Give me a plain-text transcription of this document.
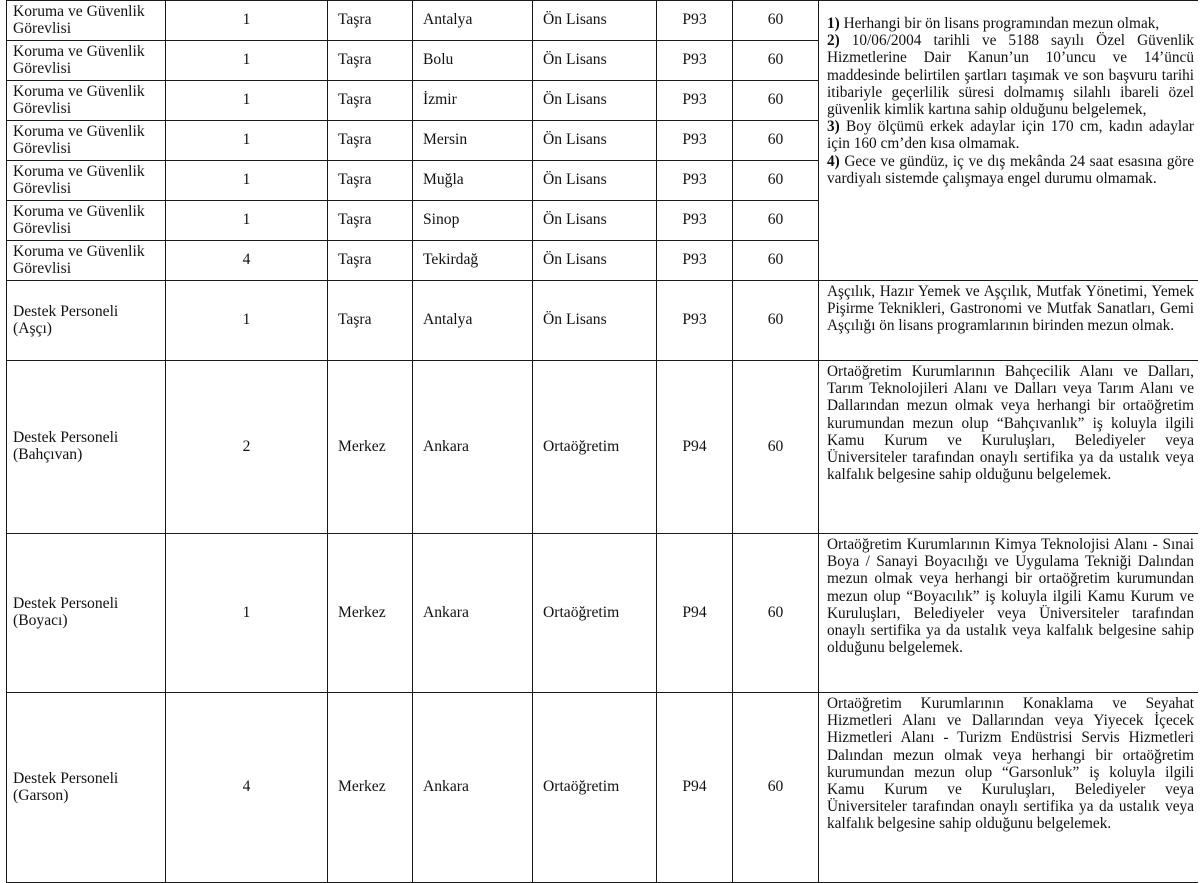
Koruma ve Güvenlik Görevlisi	1	Taşra	Antalya	Ön Lisans	P93	60	1) Herhangi bir ön lisans programından mezun olmak,
2) 10/06/2004 tarihli ve 5188 sayılı Özel Güvenlik Hizmetlerine Dair Kanun’un 10’uncu ve 14’üncü maddesinde belirtilen şartları taşımak ve son başvuru tarihi itibariyle geçerlilik süresi dolmamış silahlı ibareli özel güvenlik kimlik kartına sahip olduğunu belgelemek,
3) Boy ölçümü erkek adaylar için 170 cm, kadın adaylar için 160 cm’den kısa olmamak.
4) Gece ve gündüz, iç ve dış mekânda 24 saat esasına göre vardiyalı sistemde çalışmaya engel durumu olmamak.
Koruma ve Güvenlik Görevlisi	1	Taşra	Bolu	Ön Lisans	P93	60	
Koruma ve Güvenlik Görevlisi	1	Taşra	İzmir	Ön Lisans	P93	60	
Koruma ve Güvenlik Görevlisi	1	Taşra	Mersin	Ön Lisans	P93	60	
Koruma ve Güvenlik Görevlisi	1	Taşra	Muğla	Ön Lisans	P93	60	
Koruma ve Güvenlik Görevlisi	1	Taşra	Sinop	Ön Lisans	P93	60	
Koruma ve Güvenlik Görevlisi	4	Taşra	Tekirdağ	Ön Lisans	P93	60	
Destek Personeli
(Aşçı)	1	Taşra	Antalya	Ön Lisans	P93	60	Aşçılık, Hazır Yemek ve Aşçılık, Mutfak Yönetimi, Yemek Pişirme Teknikleri, Gastronomi ve Mutfak Sanatları, Gemi Aşçılığı ön lisans programlarının birinden mezun olmak.
Destek Personeli
(Bahçıvan)	2	Merkez	Ankara	Ortaöğretim	P94	60	Ortaöğretim Kurumlarının Bahçecilik Alanı ve Dalları, Tarım Teknolojileri Alanı ve Dalları veya Tarım Alanı ve Dallarından mezun olmak veya herhangi bir ortaöğretim kurumundan mezun olup “Bahçıvanlık” iş koluyla ilgili Kamu Kurum ve Kuruluşları, Belediyeler veya Üniversiteler tarafından onaylı sertifika ya da ustalık veya kalfalık belgesine sahip olduğunu belgelemek.
Destek Personeli
(Boyacı)	1	Merkez	Ankara	Ortaöğretim	P94	60	Ortaöğretim Kurumlarının Kimya Teknolojisi Alanı - Sınai Boya / Sanayi Boyacılığı ve Uygulama Tekniği Dalından mezun olmak veya herhangi bir ortaöğretim kurumundan mezun olup “Boyacılık” iş koluyla ilgili Kamu Kurum ve Kuruluşları, Belediyeler veya Üniversiteler tarafından onaylı sertifika ya da ustalık veya kalfalık belgesine sahip olduğunu belgelemek.
Destek Personeli
(Garson)	4	Merkez	Ankara	Ortaöğretim	P94	60	Ortaöğretim Kurumlarının Konaklama ve Seyahat Hizmetleri Alanı ve Dallarından veya Yiyecek İçecek Hizmetleri Alanı - Turizm Endüstrisi Servis Hizmetleri Dalından mezun olmak veya herhangi bir ortaöğretim kurumundan mezun olup “Garsonluk” iş koluyla ilgili Kamu Kurum ve Kuruluşları, Belediyeler veya Üniversiteler tarafından onaylı sertifika ya da ustalık veya kalfalık belgesine sahip olduğunu belgelemek.
